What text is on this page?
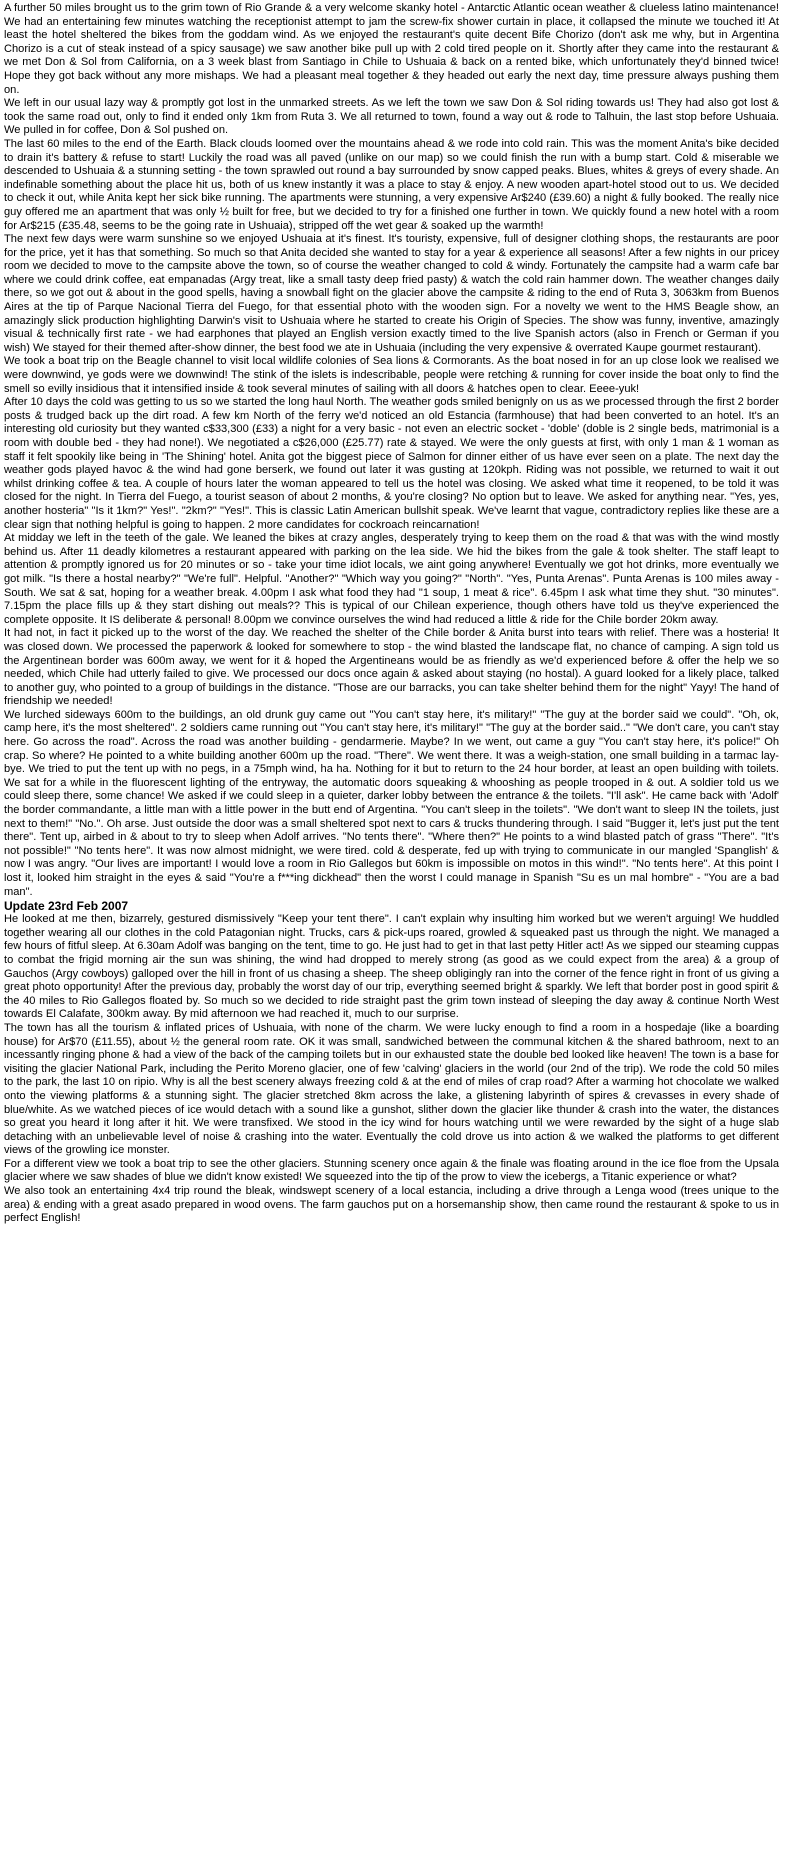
A further 50 miles brought us to the grim town of Rio Grande & a very welcome skanky hotel - Antarctic Atlantic ocean weather & clueless latino maintenance! We had an entertaining few minutes watching the receptionist attempt to jam the screw-fix shower curtain in place, it collapsed the minute we touched it! At least the hotel sheltered the bikes from the goddam wind. As we enjoyed the restaurant's quite decent Bife Chorizo (don't ask me why, but in Argentina Chorizo is a cut of steak instead of a spicy sausage) we saw another bike pull up with 2 cold tired people on it. Shortly after they came into the restaurant & we met Don & Sol from California, on a 3 week blast from Santiago in Chile to Ushuaia & back on a rented bike, which unfortunately they'd binned twice! Hope they got back without any more mishaps. We had a pleasant meal together & they headed out early the next day, time pressure always pushing them on.

We left in our usual lazy way & promptly got lost in the unmarked streets. As we left the town we saw Don & Sol riding towards us! They had also got lost & took the same road out, only to find it ended only 1km from Ruta 3. We all returned to town, found a way out & rode to Talhuin, the last stop before Ushuaia. We pulled in for coffee, Don & Sol pushed on.

The last 60 miles to the end of the Earth. Black clouds loomed over the mountains ahead & we rode into cold rain. This was the moment Anita's bike decided to drain it's battery & refuse to start! Luckily the road was all paved (unlike on our map) so we could finish the run with a bump start. Cold & miserable we descended to Ushuaia & a stunning setting - the town sprawled out round a bay surrounded by snow capped peaks. Blues, whites & greys of every shade. An indefinable something about the place hit us, both of us knew instantly it was a place to stay & enjoy. A new wooden apart-hotel stood out to us. We decided to check it out, while Anita kept her sick bike running. The apartments were stunning, a very expensive Ar$240 (£39.60) a night & fully booked. The really nice guy offered me an apartment that was only ½ built for free, but we decided to try for a finished one further in town. We quickly found a new hotel with a room for Ar$215 (£35.48, seems to be the going rate in Ushuaia), stripped off the wet gear & soaked up the warmth!

The next few days were warm sunshine so we enjoyed Ushuaia at it's finest. It's touristy, expensive, full of designer clothing shops, the restaurants are poor for the price, yet it has that something. So much so that Anita decided she wanted to stay for a year & experience all seasons! After a few nights in our pricey room we decided to move to the campsite above the town, so of course the weather changed to cold & windy. Fortunately the campsite had a warm cafe bar where we could drink coffee, eat empanadas (Argy treat, like a small tasty deep fried pasty) & watch the cold rain hammer down. The weather changes daily there, so we got out & about in the good spells, having a snowball fight on the glacier above the campsite & riding to the end of Ruta 3, 3063km from Buenos Aires at the tip of Parque Nacional Tierra del Fuego, for that essential photo with the wooden sign. For a novelty we went to the HMS Beagle show, an amazingly slick production highlighting Darwin's visit to Ushuaia where he started to create his Origin of Species. The show was funny, inventive, amazingly visual & technically first rate - we had earphones that played an English version exactly timed to the live Spanish actors (also in French or German if you wish) We stayed for their themed after-show dinner, the best food we ate in Ushuaia (including the very expensive & overrated Kaupe gourmet restaurant).

We took a boat trip on the Beagle channel to visit local wildlife colonies of Sea lions & Cormorants. As the boat nosed in for an up close look we realised we were downwind, ye gods were we downwind! The stink of the islets is indescribable, people were retching & running for cover inside the boat only to find the smell so evilly insidious that it intensified inside & took several minutes of sailing with all doors & hatches open to clear. Eeee-yuk!

After 10 days the cold was getting to us so we started the long haul North. The weather gods smiled benignly on us as we processed through the first 2 border posts & trudged back up the dirt road. A few km North of the ferry we'd noticed an old Estancia (farmhouse) that had been converted to an hotel. It's an interesting old curiosity but they wanted c$33,300 (£33) a night for a very basic - not even an electric socket - 'doble' (doble is 2 single beds, matrimonial is a room with double bed - they had none!). We negotiated a c$26,000 (£25.77) rate & stayed. We were the only guests at first, with only 1 man & 1 woman as staff it felt spookily like being in 'The Shining' hotel. Anita got the biggest piece of Salmon for dinner either of us have ever seen on a plate. The next day the weather gods played havoc & the wind had gone berserk, we found out later it was gusting at 120kph. Riding was not possible, we returned to wait it out whilst drinking coffee & tea. A couple of hours later the woman appeared to tell us the hotel was closing. We asked what time it reopened, to be told it was closed for the night. In Tierra del Fuego, a tourist season of about 2 months, & you're closing? No option but to leave. We asked for anything near. "Yes, yes, another hosteria" "Is it 1km?" Yes!". "2km?" "Yes!". This is classic Latin American bullshit speak. We've learnt that vague, contradictory replies like these are a clear sign that nothing helpful is going to happen. 2 more candidates for cockroach reincarnation!

At midday we left in the teeth of the gale. We leaned the bikes at crazy angles, desperately trying to keep them on the road & that was with the wind mostly behind us. After 11 deadly kilometres a restaurant appeared with parking on the lea side. We hid the bikes from the gale & took shelter. The staff leapt to attention & promptly ignored us for 20 minutes or so - take your time idiot locals, we aint going anywhere! Eventually we got hot drinks, more eventually we got milk. "Is there a hostal nearby?" "We're full". Helpful. "Another?" "Which way you going?" "North". "Yes, Punta Arenas". Punta Arenas is 100 miles away - South. We sat & sat, hoping for a weather break. 4.00pm I ask what food they had "1 soup, 1 meat & rice". 6.45pm I ask what time they shut. "30 minutes". 7.15pm the place fills up & they start dishing out meals?? This is typical of our Chilean experience, though others have told us they've experienced the complete opposite. It IS deliberate & personal! 8.00pm we convince ourselves the wind had reduced a little & ride for the Chile border 20km away.

It had not, in fact it picked up to the worst of the day. We reached the shelter of the Chile border & Anita burst into tears with relief. There was a hosteria! It was closed down. We processed the paperwork & looked for somewhere to stop - the wind blasted the landscape flat, no chance of camping. A sign told us the Argentinean border was 600m away, we went for it & hoped the Argentineans would be as friendly as we'd experienced before & offer the help we so needed, which Chile had utterly failed to give. We processed our docs once again & asked about staying (no hostal). A guard looked for a likely place, talked to another guy, who pointed to a group of buildings in the distance. "Those are our barracks, you can take shelter behind them for the night" Yayy! The hand of friendship we needed!

We lurched sideways 600m to the buildings, an old drunk guy came out "You can't stay here, it's military!" "The guy at the border said we could". "Oh, ok, camp here, it's the most sheltered". 2 soldiers came running out "You can't stay here, it's military!" "The guy at the border said.." "We don't care, you can't stay here. Go across the road". Across the road was another building - gendarmerie. Maybe? In we went, out came a guy "You can't stay here, it's police!" Oh crap. So where? He pointed to a white building another 600m up the road. "There". We went there. It was a weigh-station, one small building in a tarmac lay-bye. We tried to put the tent up with no pegs, in a 75mph wind, ha ha. Nothing for it but to return to the 24 hour border, at least an open building with toilets. We sat for a while in the fluorescent lighting of the entryway, the automatic doors squeaking & whooshing as people trooped in & out. A soldier told us we could sleep there, some chance! We asked if we could sleep in a quieter, darker lobby between the entrance & the toilets. "I'll ask". He came back with 'Adolf' the border commandante, a little man with a little power in the butt end of Argentina. "You can't sleep in the toilets". "We don't want to sleep IN the toilets, just next to them!" "No.". Oh arse. Just outside the door was a small sheltered spot next to cars & trucks thundering through. I said "Bugger it, let's just put the tent there". Tent up, airbed in & about to try to sleep when Adolf arrives. "No tents there". "Where then?" He points to a wind blasted patch of grass "There". "It's not possible!" "No tents here". It was now almost midnight, we were tired. cold & desperate, fed up with trying to communicate in our mangled 'Spanglish' & now I was angry. "Our lives are important! I would love a room in Rio Gallegos but 60km is impossible on motos in this wind!". "No tents here". At this point I lost it, looked him straight in the eyes & said "You're a f***ing dickhead" then the worst I could manage in Spanish "Su es un mal hombre" - "You are a bad man".

Update 23rd Feb 2007

He looked at me then, bizarrely, gestured dismissively "Keep your tent there". I can't explain why insulting him worked but we weren't arguing! We huddled together wearing all our clothes in the cold Patagonian night. Trucks, cars & pick-ups roared, growled & squeaked past us through the night. We managed a few hours of fitful sleep. At 6.30am Adolf was banging on the tent, time to go. He just had to get in that last petty Hitler act! As we sipped our steaming cuppas to combat the frigid morning air the sun was shining, the wind had dropped to merely strong (as good as we could expect from the area) & a group of Gauchos (Argy cowboys) galloped over the hill in front of us chasing a sheep. The sheep obligingly ran into the corner of the fence right in front of us giving a great photo opportunity! After the previous day, probably the worst day of our trip, everything seemed bright & sparkly. We left that border post in good spirit & the 40 miles to Rio Gallegos floated by. So much so we decided to ride straight past the grim town instead of sleeping the day away & continue North West towards El Calafate, 300km away. By mid afternoon we had reached it, much to our surprise.

The town has all the tourism & inflated prices of Ushuaia, with none of the charm. We were lucky enough to find a room in a hospedaje (like a boarding house) for Ar$70 (£11.55), about ½ the general room rate. OK it was small, sandwiched between the communal kitchen & the shared bathroom, next to an incessantly ringing phone & had a view of the back of the camping toilets but in our exhausted state the double bed looked like heaven! The town is a base for visiting the glacier National Park, including the Perito Moreno glacier, one of few 'calving' glaciers in the world (our 2nd of the trip). We rode the cold 50 miles to the park, the last 10 on ripio. Why is all the best scenery always freezing cold & at the end of miles of crap road? After a warming hot chocolate we walked onto the viewing platforms & a stunning sight. The glacier stretched 8km across the lake, a glistening labyrinth of spires & crevasses in every shade of blue/white. As we watched pieces of ice would detach with a sound like a gunshot, slither down the glacier like thunder & crash into the water, the distances so great you heard it long after it hit. We were transfixed. We stood in the icy wind for hours watching until we were rewarded by the sight of a huge slab detaching with an unbelievable level of noise & crashing into the water. Eventually the cold drove us into action & we walked the platforms to get different views of the growling ice monster.

For a different view we took a boat trip to see the other glaciers. Stunning scenery once again & the finale was floating around in the ice floe from the Upsala glacier where we saw shades of blue we didn't know existed! We squeezed into the tip of the prow to view the icebergs, a Titanic experience or what?

We also took an entertaining 4x4 trip round the bleak, windswept scenery of a local estancia, including a drive through a Lenga wood (trees unique to the area) & ending with a great asado prepared in wood ovens. The farm gauchos put on a horsemanship show, then came round the restaurant & spoke to us in perfect English!
